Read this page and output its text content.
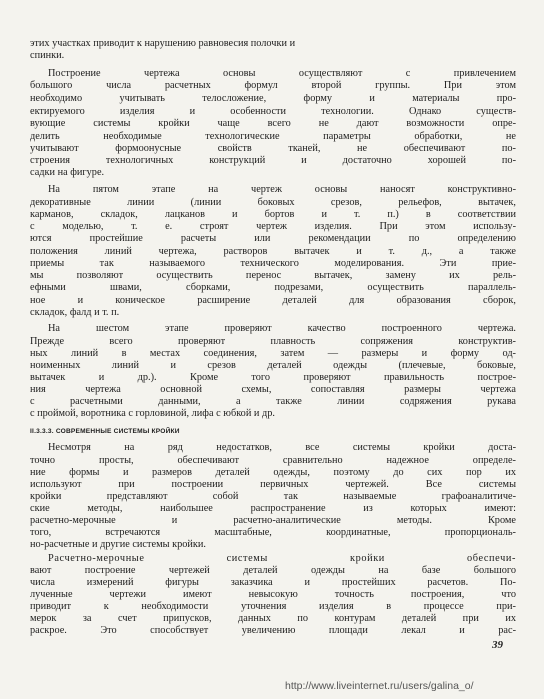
этих участках приводит к нарушению равновесия полочки и
спинки.
Построение чертежа основы осуществляют с привлечением
большого числа расчетных формул второй группы. При этом
необходимо учитывать телосложение, форму и материалы про-
ектируемого изделия и особенности технологии. Однако существ-
вующие системы кройки чаще всего не дают возможности опре-
делить необходимые технологические параметры обработки, не
учитывают формоонусные свойств тканей, не обеспечивают по-
строения технологичных конструкций и достаточно хорошей по-
садки на фигуре.
На пятом этапе на чертеж основы наносят конструктивно-
декоративные линии (линии боковых срезов, рельефов, вытачек,
карманов, складок, лацканов и бортов и т. п.) в соответствии
с моделью, т. е. строят чертеж изделия. При этом использу-
ются простейшие расчеты или рекомендации по определению
положения линий чертежа, растворов вытачек и т. д., а также
приемы так называемого технического моделирования. Эти прие-
мы позволяют осуществить перенос вытачек, замену их рель-
ефными швами, сборками, подрезами, осуществить параллель-
ное и коническое расширение деталей для образования сборок,
складок, фалд и т. п.
На шестом этапе проверяют качество построенного чертежа.
Прежде всего проверяют плавность сопряжения конструктив-
ных линий в местах соединения, затем — размеры и форму од-
ноименных линий и срезов деталей одежды (плечевые, боковые,
вытачек и др.). Кроме того проверяют правильность построе-
ния чертежа основной схемы, сопоставляя размеры чертежа
с расчетными данными, а также линии содряжения рукава
с проймой, воротника с горловиной, лифа с юбкой и др.
II.3.3.3. СОВРЕМЕННЫЕ СИСТЕМЫ КРОЙКИ
Несмотря на ряд недостатков, все системы кройки доста-
точно просты, обеспечивают сравнительно надежное определе-
ние формы и размеров деталей одежды, поэтому до сих пор их
используют при построении первичных чертежей. Все системы
кройки представляют собой так называемые графоаналитиче-
ские методы, наибольшее распространение из которых имеют:
расчетно-мерочные и расчетно-аналитические методы. Кроме
того, встречаются масштабные, координатные, пропорциональ-
но-расчетные и другие системы кройки.
Расчетно-мерочные системы кройки обеспечи-
вают построение чертежей деталей одежды на базе большого
числа измерений фигуры заказчика и простейших расчетов. По-
лученные чертежи имеют невысокую точность построения, что
приводит к необходимости уточнения изделия в процессе при-
мерок за счет припусков, данных по контурам деталей при их
раскрое. Это способствует увеличению площади лекал и рас-
39
http://www.liveinternet.ru/users/galina_o/
